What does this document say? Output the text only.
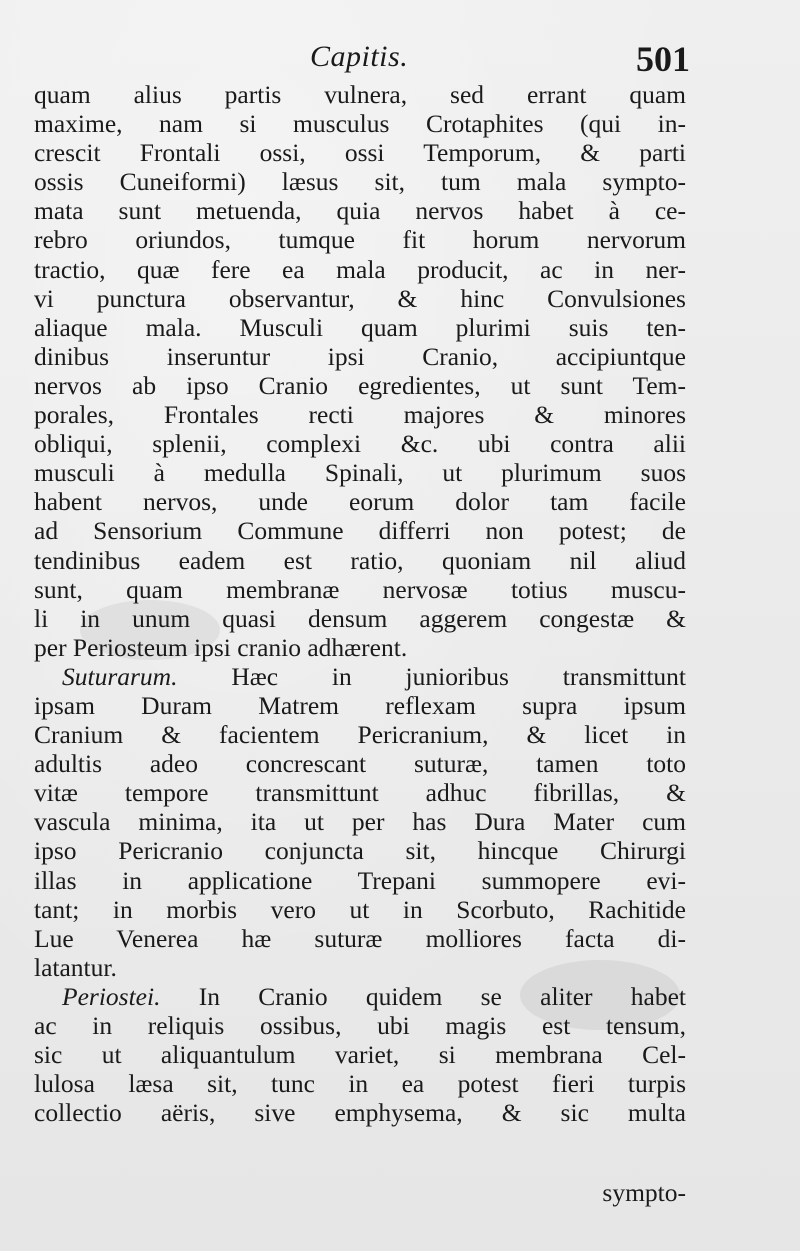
Capitis.	501
quam alius partis vulnera, sed errant quam
maxime, nam si musculus Crotaphites (qui in-
crescit Frontali ossi, ossi Temporum, & parti
ossis Cuneiformi) læsus sit, tum mala sympto-
mata sunt metuenda, quia nervos habet à ce-
rebro oriundos, tumque fit horum nervorum
tractio, quæ fere ea mala producit, ac in ner-
vi punctura observantur, & hinc Convulsiones
aliaque mala. Musculi quam plurimi suis ten-
dinibus inseruntur ipsi Cranio, accipiuntque
nervos ab ipso Cranio egredientes, ut sunt Tem-
porales, Frontales recti majores & minores
obliqui, splenii, complexi &c. ubi contra alii
musculi à medulla Spinali, ut plurimum suos
habent nervos, unde eorum dolor tam facile
ad Sensorium Commune differri non potest; de
tendinibus eadem est ratio, quoniam nil aliud
sunt, quam membranæ nervosæ totius muscu-
li in unum quasi densum aggerem congestæ &
per Periosteum ipsi cranio adhærent.
Suturarum. Hæc in junioribus transmittunt
ipsam Duram Matrem reflexam supra ipsum
Cranium & facientem Pericranium, & licet in
adultis adeo concrescant suturæ, tamen toto
vitæ tempore transmittunt adhuc fibrillas, &
vascula minima, ita ut per has Dura Mater cum
ipso Pericranio conjuncta sit, hincque Chirurgi
illas in applicatione Trepani summopere evi-
tant; in morbis vero ut in Scorbuto, Rachitide
Lue Venerea hæ suturæ molliores facta di-
latantur.
Periostei. In Cranio quidem se aliter habet
ac in reliquis ossibus, ubi magis est tensum,
sic ut aliquantulum variet, si membrana Cel-
lulosa læsa sit, tunc in ea potest fieri turpis
collectio aëris, sive emphysema, & sic multa
sympto-
